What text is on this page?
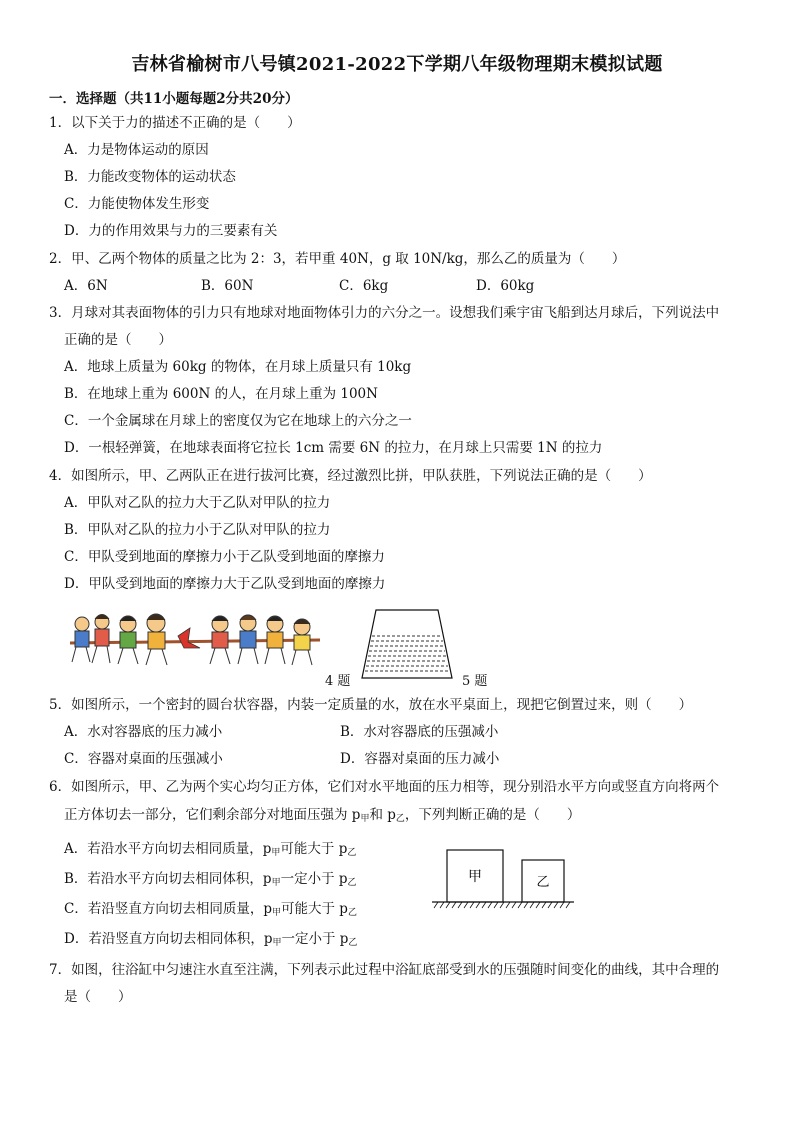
吉林省榆树市八号镇2021-2022下学期八年级物理期末模拟试题
一．选择题（共11小题每题2分共20分）
1．以下关于力的描述不正确的是（　　）
A．力是物体运动的原因
B．力能改变物体的运动状态
C．力能使物体发生形变
D．力的作用效果与力的三要素有关
2．甲、乙两个物体的质量之比为 2：3，若甲重 40N，g 取 10N/kg，那么乙的质量为（　　）
A．6N	B．60N	C．6kg	D．60kg
3．月球对其表面物体的引力只有地球对地面物体引力的六分之一。设想我们乘宇宙飞船到达月球后，下列说法中
正确的是（　　）
A．地球上质量为 60kg 的物体，在月球上质量只有 10kg
B．在地球上重为 600N 的人，在月球上重为 100N
C．一个金属球在月球上的密度仅为它在地球上的六分之一
D．一根轻弹簧，在地球表面将它拉长 1cm 需要 6N 的拉力，在月球上只需要 1N 的拉力
4．如图所示，甲、乙两队正在进行拔河比赛，经过激烈比拼，甲队获胜，下列说法正确的是（　　）
A．甲队对乙队的拉力大于乙队对甲队的拉力
B．甲队对乙队的拉力小于乙队对甲队的拉力
C．甲队受到地面的摩擦力小于乙队受到地面的摩擦力
D．甲队受到地面的摩擦力大于乙队受到地面的摩擦力
4 题	5 题
5．如图所示，一个密封的圆台状容器，内装一定质量的水，放在水平桌面上，现把它倒置过来，则（　　）
A．水对容器底的压力减小	B．水对容器底的压强减小
C．容器对桌面的压强减小	D．容器对桌面的压力减小
6．如图所示，甲、乙为两个实心均匀正方体，它们对水平地面的压力相等，现分别沿水平方向或竖直方向将两个
正方体切去一部分，它们剩余部分对地面压强为 $p_甲$和 $p_乙$，下列判断正确的是（　　）
A．若沿水平方向切去相同质量，$p_甲$可能大于 $p_乙$
B．若沿水平方向切去相同体积，$p_甲$一定小于 $p_乙$
C．若沿竖直方向切去相同质量，$p_甲$可能大于 $p_乙$
D．若沿竖直方向切去相同体积，$p_甲$一定小于 $p_乙$
甲	乙
7．如图，往浴缸中匀速注水直至注满，下列表示此过程中浴缸底部受到水的压强随时间变化的曲线，其中合理的
是（　　）
